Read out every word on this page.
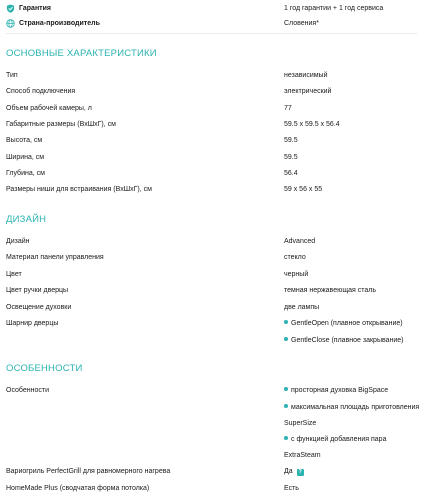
Гарантия	1 год гарантии + 1 год сервиса
Страна-производитель	Словения*
ОСНОВНЫЕ ХАРАКТЕРИСТИКИ
Тип	независимый
Способ подключения	электрический
Объем рабочей камеры, л	77
Габаритные размеры (ВхШхГ), см	59.5 x 59.5 x 56.4
Высота, см	59.5
Ширина, см	59.5
Глубина, см	56.4
Размеры ниши для встраивания (ВхШхГ), см	59 x 56 x 55
ДИЗАЙН
Дизайн	Advanced
Материал панели управления	стекло
Цвет	черный
Цвет ручки дверцы	темная нержавеющая сталь
Освещение духовки	две лампы
Шарнир дверцы	GentleOpen (плавное открывание)
GentleClose (плавное закрывание)
ОСОБЕННОСТИ
Особенности	просторная духовка BigSpace
максимальная площадь приготовления
SuperSize
с функцией добавления пара
ExtraSteam
Вариогриль PerfectGrill для равномерного нагрева	Да ?
HomeMade Plus (сводчатая форма потолка)	Есть
